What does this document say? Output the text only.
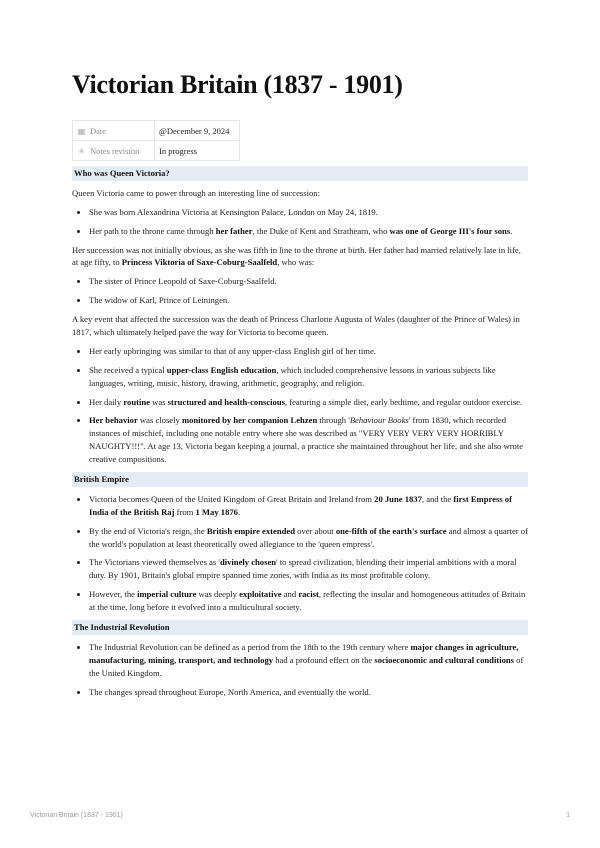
Victorian Britain (1837 - 1901)
▦ Date	@December 9, 2024
✳ Notes revision	In progress
Who was Queen Victoria?

Queen Victoria came to power through an interesting line of succession:

• She was born Alexandrina Victoria at Kensington Palace, London on May 24, 1819.
• Her path to the throne came through her father, the Duke of Kent and Strathearn, who was one of George III's four sons.

Her succession was not initially obvious, as she was fifth in line to the throne at birth. Her father had married relatively late in life, at age fifty, to Princess Viktoria of Saxe-Coburg-Saalfeld, who was:

• The sister of Prince Leopold of Saxe-Coburg-Saalfeld.
• The widow of Karl, Prince of Leiningen.

A key event that affected the succession was the death of Princess Charlotte Augusta of Wales (daughter of the Prince of Wales) in 1817, which ultimately helped pave the way for Victoria to become queen.

• Her early upbringing was similar to that of any upper-class English girl of her time.
• She received a typical upper-class English education, which included comprehensive lessons in various subjects like languages, writing, music, history, drawing, arithmetic, geography, and religion.
• Her daily routine was structured and health-conscious, featuring a simple diet, early bedtime, and regular outdoor exercise.
• Her behavior was closely monitored by her companion Lehzen through 'Behaviour Books' from 1830, which recorded instances of mischief, including one notable entry where she was described as "VERY VERY VERY VERY HORRIBLY NAUGHTY!!!". At age 13, Victoria began keeping a journal, a practice she maintained throughout her life, and she also wrote creative compositions.
British Empire
• Victoria becomes Queen of the United Kingdom of Great Britain and Ireland from 20 June 1837, and the first Empress of India of the British Raj from 1 May 1876.
• By the end of Victoria's reign, the British empire extended over about one-fifth of the earth's surface and almost a quarter of the world's population at least theoretically owed allegiance to the 'queen empress'.
• The Victorians viewed themselves as 'divinely chosen' to spread civilization, blending their imperial ambitions with a moral duty. By 1901, Britain's global empire spanned time zones, with India as its most profitable colony.
• However, the imperial culture was deeply exploitative and racist, reflecting the insular and homogeneous attitudes of Britain at the time, long before it evolved into a multicultural society.
The Industrial Revolution
• The Industrial Revolution can be defined as a period from the 18th to the 19th century where major changes in agriculture, manufacturing, mining, transport, and technology had a profound effect on the socioeconomic and cultural conditions of the United Kingdom.
• The changes spread throughout Europe, North America, and eventually the world.
Victorian Britain (1837 - 1901)	1
